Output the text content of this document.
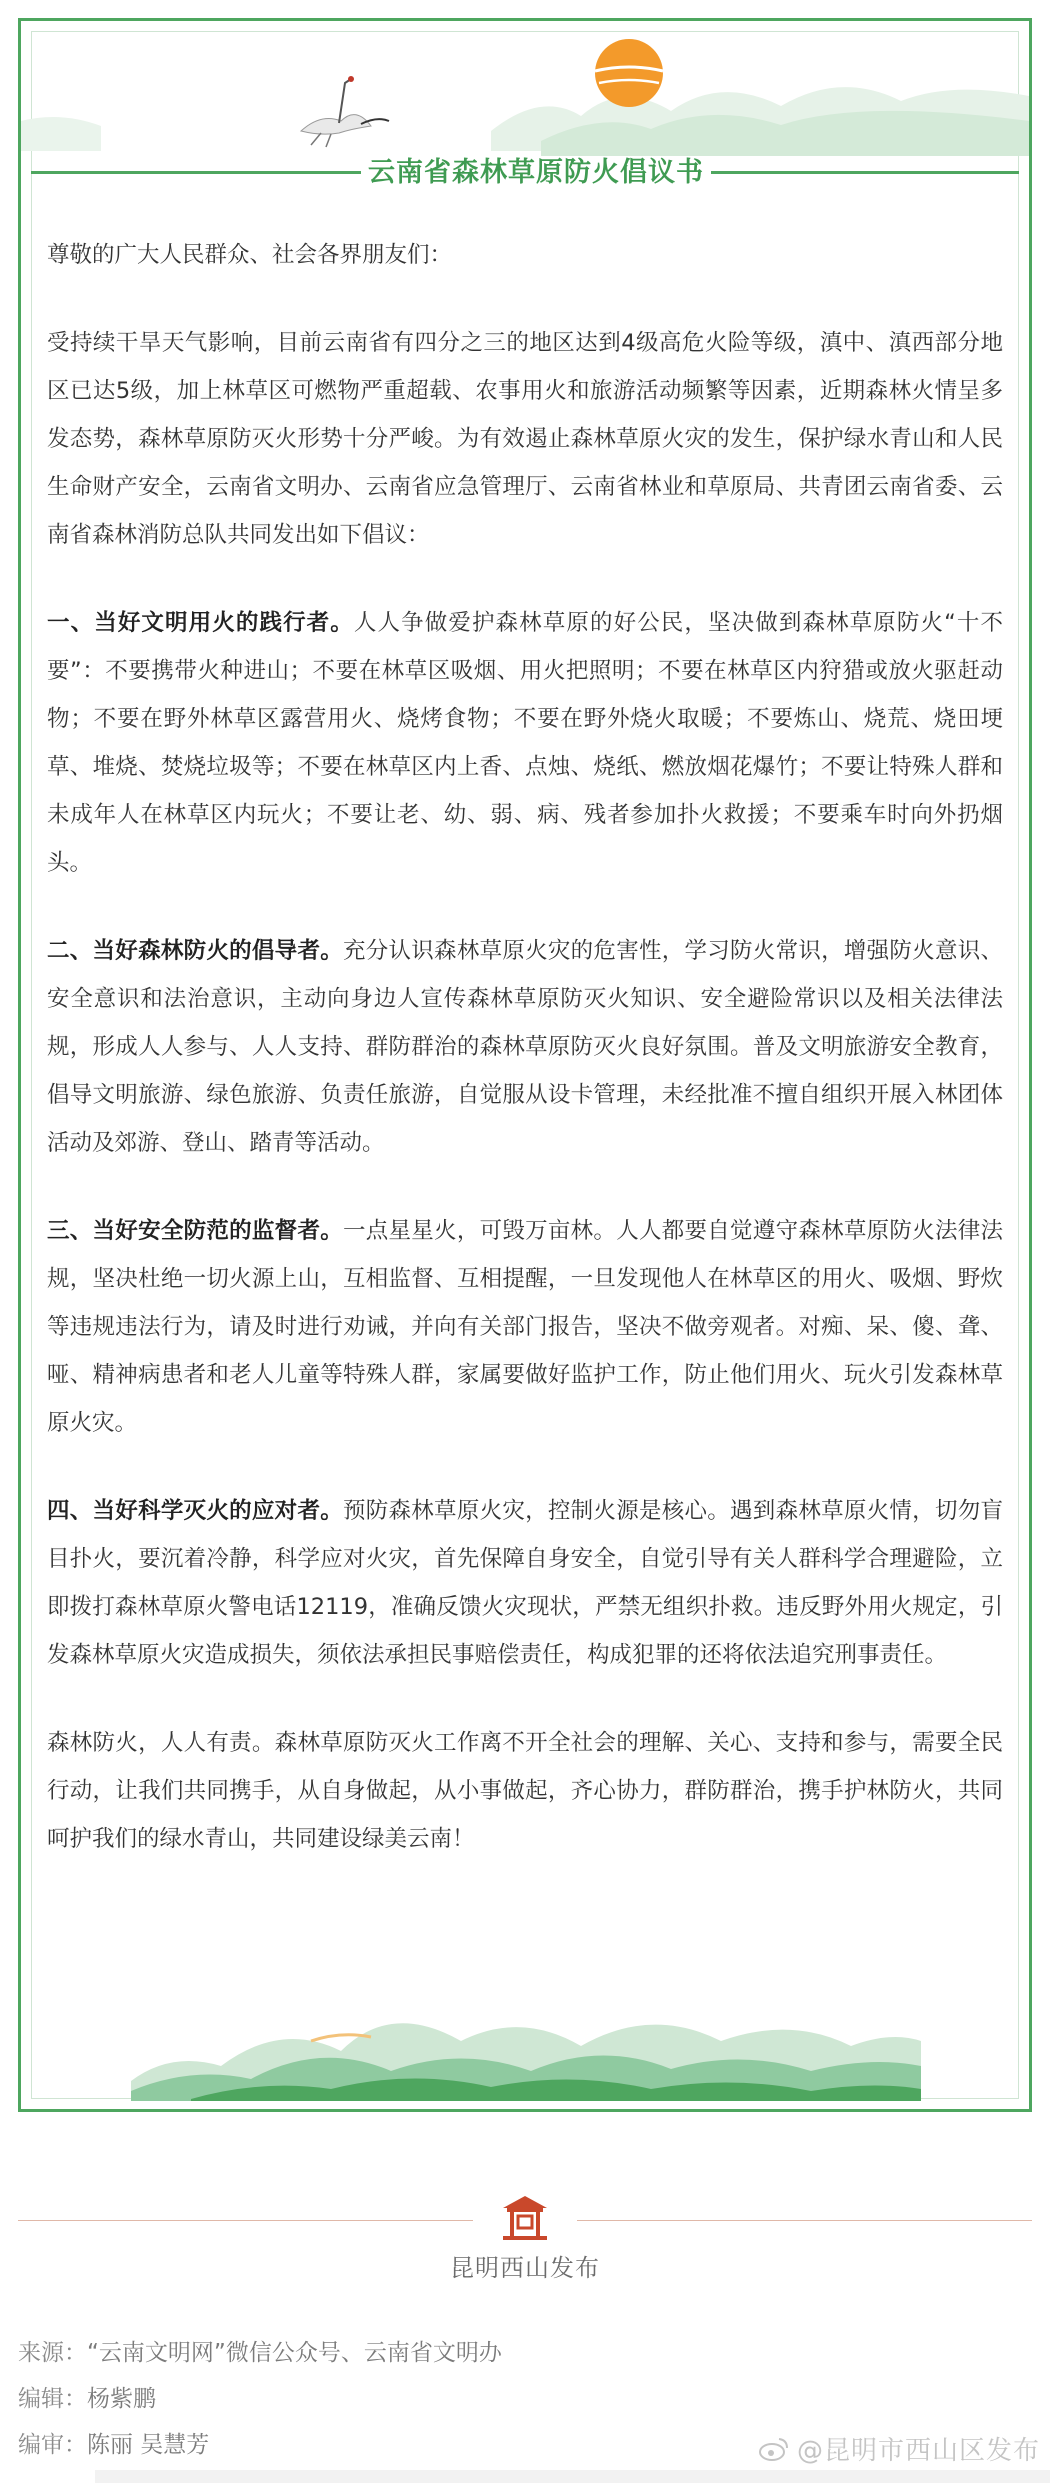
云南省森林草原防火倡议书

尊敬的广大人民群众、社会各界朋友们：

受持续干旱天气影响，目前云南省有四分之三的地区达到4级高危火险等级，滇中、滇西部分地区已达5级，加上林草区可燃物严重超载、农事用火和旅游活动频繁等因素，近期森林火情呈多发态势，森林草原防灭火形势十分严峻。为有效遏止森林草原火灾的发生，保护绿水青山和人民生命财产安全，云南省文明办、云南省应急管理厅、云南省林业和草原局、共青团云南省委、云南省森林消防总队共同发出如下倡议：

一、当好文明用火的践行者。人人争做爱护森林草原的好公民，坚决做到森林草原防火“十不要”：不要携带火种进山；不要在林草区吸烟、用火把照明；不要在林草区内狩猎或放火驱赶动物；不要在野外林草区露营用火、烧烤食物；不要在野外烧火取暖；不要炼山、烧荒、烧田埂草、堆烧、焚烧垃圾等；不要在林草区内上香、点烛、烧纸、燃放烟花爆竹；不要让特殊人群和未成年人在林草区内玩火；不要让老、幼、弱、病、残者参加扑火救援；不要乘车时向外扔烟头。

二、当好森林防火的倡导者。充分认识森林草原火灾的危害性，学习防火常识，增强防火意识、安全意识和法治意识，主动向身边人宣传森林草原防灭火知识、安全避险常识以及相关法律法规，形成人人参与、人人支持、群防群治的森林草原防灭火良好氛围。普及文明旅游安全教育，倡导文明旅游、绿色旅游、负责任旅游，自觉服从设卡管理，未经批准不擅自组织开展入林团体活动及郊游、登山、踏青等活动。

三、当好安全防范的监督者。一点星星火，可毁万亩林。人人都要自觉遵守森林草原防火法律法规，坚决杜绝一切火源上山，互相监督、互相提醒，一旦发现他人在林草区的用火、吸烟、野炊等违规违法行为，请及时进行劝诫，并向有关部门报告，坚决不做旁观者。对痴、呆、傻、聋、哑、精神病患者和老人儿童等特殊人群，家属要做好监护工作，防止他们用火、玩火引发森林草原火灾。

四、当好科学灭火的应对者。预防森林草原火灾，控制火源是核心。遇到森林草原火情，切勿盲目扑火，要沉着冷静，科学应对火灾，首先保障自身安全，自觉引导有关人群科学合理避险，立即拨打森林草原火警电话12119，准确反馈火灾现状，严禁无组织扑救。违反野外用火规定，引发森林草原火灾造成损失，须依法承担民事赔偿责任，构成犯罪的还将依法追究刑事责任。

森林防火，人人有责。森林草原防灭火工作离不开全社会的理解、关心、支持和参与，需要全民行动，让我们共同携手，从自身做起，从小事做起，齐心协力，群防群治，携手护林防火，共同呵护我们的绿水青山，共同建设绿美云南！

昆明西山发布
来源：“云南文明网”微信公众号、云南省文明办
编辑：杨紫鹏
编审：陈丽 吴慧芳	@昆明市西山区发布
